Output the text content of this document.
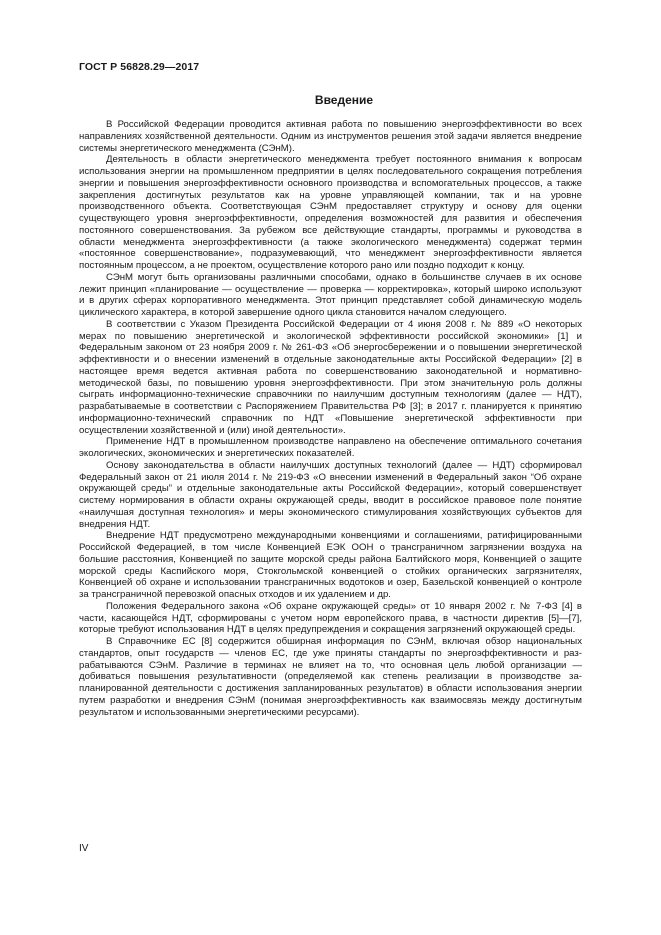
ГОСТ Р 56828.29—2017
Введение

В Российской Федерации проводится активная работа по повышению энергоэффективности во всех направлениях хозяйственной деятельности. Одним из инструментов решения этой задачи является внедрение системы энергетического менеджмента (СЭнМ).

Деятельность в области энергетического менеджмента требует постоянного внимания к вопросам использования энергии на промышленном предприятии в целях последовательного сокращения потребления энергии и повышения энергоэффективности основного производства и вспомогательных процессов, а также закрепления достигнутых результатов как на уровне управляющей компании, так и на уровне производственного объекта. Соответствующая СЭнМ предоставляет структуру и основу для оценки существующего уровня энергоэффективности, определения возможностей для развития и обеспечения постоянного совершенствования. За рубежом все действующие стандарты, программы и руководства в области менеджмента энергоэффективности (а также экологического менеджмента) содержат термин «постоянное совершенствование», подразумевающий, что менеджмент энергоэффективности является постоянным процессом, а не проектом, осуществление которого рано или поздно подходит к концу.

СЭнМ могут быть организованы различными способами, однако в большинстве случаев в их основе лежит принцип «планирование — осуществление — проверка — корректировка», который широко используют и в других сферах корпоративного менеджмента. Этот принцип представляет собой динамическую модель циклического характера, в которой завершение одного цикла становится началом следующего.

В соответствии с Указом Президента Российской Федерации от 4 июня 2008 г. № 889 «О некоторых мерах по повышению энергетической и экологической эффективности российской экономики» [1] и Федеральным законом от 23 ноября 2009 г. № 261-ФЗ «Об энергосбережении и о повышении энергетической эффективности и о внесении изменений в отдельные законодательные акты Российской Федерации» [2] в настоящее время ведется активная работа по совершенствованию законодательной и нормативно-методической базы, по повышению уровня энергоэффективности. При этом значительную роль должны сыграть информационно-технические справочники по наилучшим доступным технологиям (далее — НДТ), разрабатываемые в соответствии с Распоряжением Правительства РФ [3]; в 2017 г. планируется к принятию информационно-технический справочник по НДТ «Повышение энергетической эффективности при осуществлении хозяйственной и (или) иной деятельности».

Применение НДТ в промышленном производстве направлено на обеспечение оптимального сочетания экологических, экономических и энергетических показателей.

Основу законодательства в области наилучших доступных технологий (далее — НДТ) сформировал Федеральный закон от 21 июля 2014 г. № 219-ФЗ «О внесении изменений в Федеральный закон “Об охране окружающей среды” и отдельные законодательные акты Российской Федерации», который совершенствует систему нормирования в области охраны окружающей среды, вводит в российское правовое поле понятие «наилучшая доступная технология» и меры экономического стимулирования хозяйствующих субъектов для внедрения НДТ.

Внедрение НДТ предусмотрено международными конвенциями и соглашениями, ратифицированными Российской Федерацией, в том числе Конвенцией ЕЭК ООН о трансграничном загрязнении воздуха на большие расстояния, Конвенцией по защите морской среды района Балтийского моря, Конвенцией о защите морской среды Каспийского моря, Стокгольмской конвенцией о стойких органических загрязнителях, Конвенцией об охране и использовании трансграничных водотоков и озер, Базельской конвенцией о контроле за трансграничной перевозкой опасных отходов и их удалением и др.

Положения Федерального закона «Об охране окружающей среды» от 10 января 2002 г. № 7-ФЗ [4] в части, касающейся НДТ, сформированы с учетом норм европейского права, в частности директив [5]—[7], которые требуют использования НДТ в целях предупреждения и сокращения загрязнений окружающей среды.

В Справочнике ЕС [8] содержится обширная информация по СЭнМ, включая обзор национальных стандартов, опыт государств — членов ЕС, где уже приняты стандарты по энергоэффективности и разрабатываются СЭнМ. Различие в терминах не влияет на то, что основная цель любой организации — добиваться повышения результативности (определяемой как степень реализации в производстве запланированной деятельности с достижения запланированных результатов) в области использования энергии путем разработки и внедрения СЭнМ (понимая энергоэффективность как взаимосвязь между достигнутым результатом и использованными энергетическими ресурсами).

IV
